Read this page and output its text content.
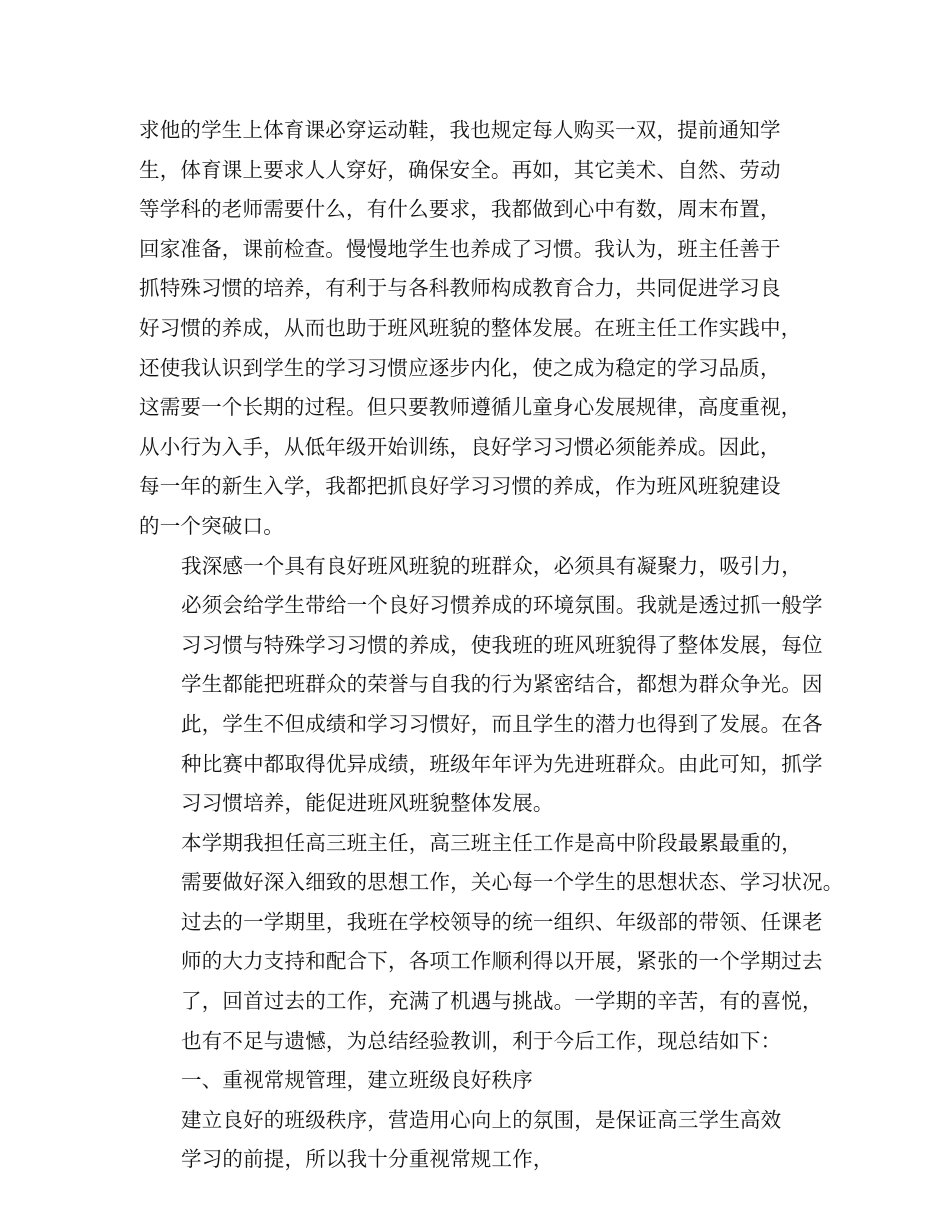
求他的学生上体育课必穿运动鞋，我也规定每人购买一双，提前通知学
生，体育课上要求人人穿好，确保安全。再如，其它美术、自然、劳动
等学科的老师需要什么，有什么要求，我都做到心中有数，周末布置，
回家准备，课前检查。慢慢地学生也养成了习惯。我认为，班主任善于
抓特殊习惯的培养，有利于与各科教师构成教育合力，共同促进学习良
好习惯的养成，从而也助于班风班貌的整体发展。在班主任工作实践中，
还使我认识到学生的学习习惯应逐步内化，使之成为稳定的学习品质，
这需要一个长期的过程。但只要教师遵循儿童身心发展规律，高度重视，
从小行为入手，从低年级开始训练，良好学习习惯必须能养成。因此，
每一年的新生入学，我都把抓良好学习习惯的养成，作为班风班貌建设
的一个突破口。
我深感一个具有良好班风班貌的班群众，必须具有凝聚力，吸引力，
必须会给学生带给一个良好习惯养成的环境氛围。我就是透过抓一般学
习习惯与特殊学习习惯的养成，使我班的班风班貌得了整体发展，每位
学生都能把班群众的荣誉与自我的行为紧密结合，都想为群众争光。因
此，学生不但成绩和学习习惯好，而且学生的潜力也得到了发展。在各
种比赛中都取得优异成绩，班级年年评为先进班群众。由此可知，抓学
习习惯培养，能促进班风班貌整体发展。
本学期我担任高三班主任，高三班主任工作是高中阶段最累最重的，
需要做好深入细致的思想工作，关心每一个学生的思想状态、学习状况。
过去的一学期里，我班在学校领导的统一组织、年级部的带领、任课老
师的大力支持和配合下，各项工作顺利得以开展，紧张的一个学期过去
了，回首过去的工作，充满了机遇与挑战。一学期的辛苦，有的喜悦，
也有不足与遗憾，为总结经验教训，利于今后工作，现总结如下：
一、重视常规管理，建立班级良好秩序
建立良好的班级秩序，营造用心向上的氛围，是保证高三学生高效
学习的前提，所以我十分重视常规工作，
